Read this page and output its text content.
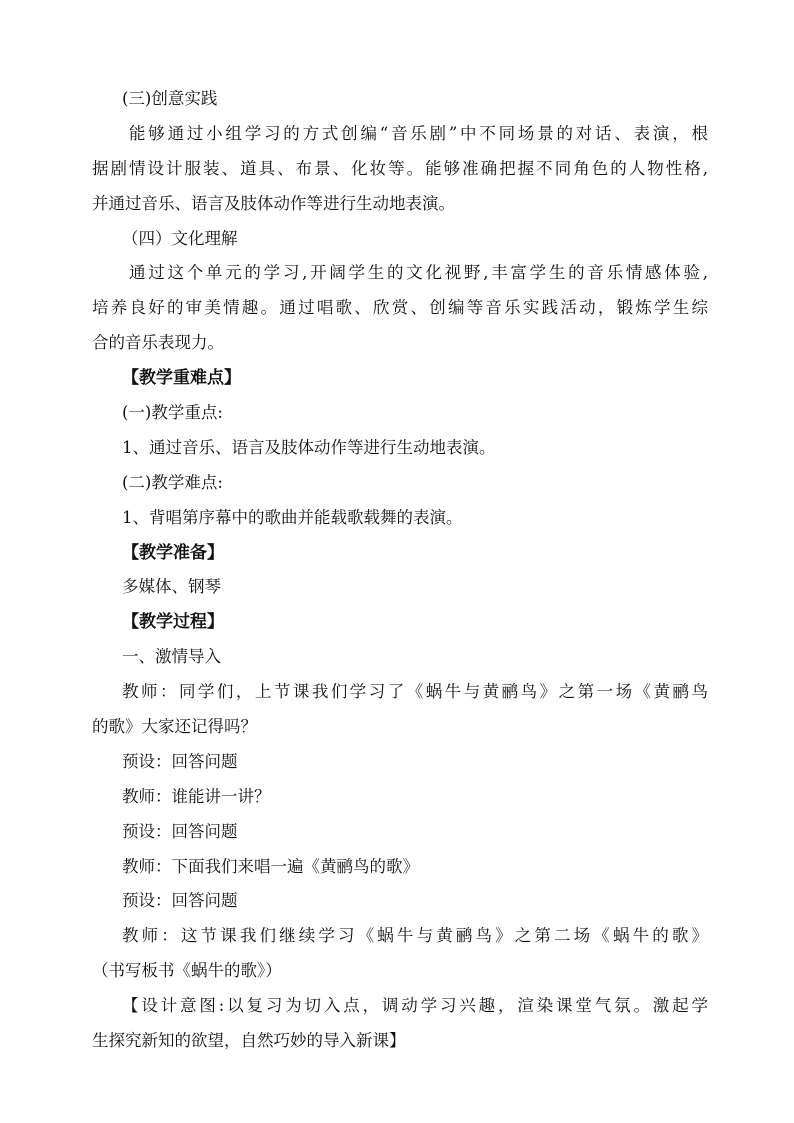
(三)创意实践
能够通过小组学习的方式创编“音乐剧”中不同场景的对话、表演，根
据剧情设计服装、道具、布景、化妆等。能够准确把握不同角色的人物性格,
并通过音乐、语言及肢体动作等进行生动地表演。
（四）文化理解
通过这个单元的学习,开阔学生的文化视野,丰富学生的音乐情感体验,
培养良好的审美情趣。通过唱歌、欣赏、创编等音乐实践活动，锻炼学生综
合的音乐表现力。
【教学重难点】
(一)教学重点:
1、通过音乐、语言及肢体动作等进行生动地表演。
(二)教学难点:
1、背唱第序幕中的歌曲并能载歌载舞的表演。
【教学准备】
多媒体、钢琴
【教学过程】
一、激情导入
教师：同学们，上节课我们学习了《蜗牛与黄鹂鸟》之第一场《黄鹂鸟
的歌》大家还记得吗？
预设：回答问题
教师：谁能讲一讲？
预设：回答问题
教师：下面我们来唱一遍《黄鹂鸟的歌》
预设：回答问题
教师：这节课我们继续学习《蜗牛与黄鹂鸟》之第二场《蜗牛的歌》
（书写板书《蜗牛的歌》）
【设计意图:以复习为切入点，调动学习兴趣，渲染课堂气氛。激起学
生探究新知的欲望，自然巧妙的导入新课】
